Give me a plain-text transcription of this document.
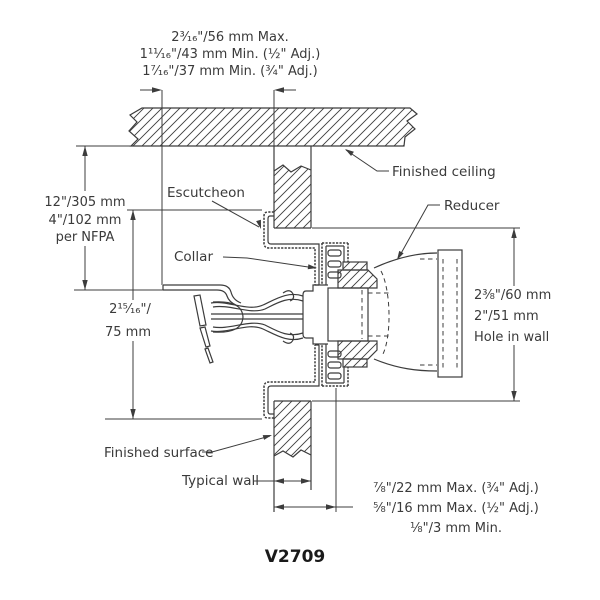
2³⁄₁₆"/56 mm Max.
1¹¹⁄₁₆"/43 mm Min. (½" Adj.)
1⁷⁄₁₆"/37 mm Min. (¾" Adj.)
12"/305 mm
4"/102 mm
per NFPA
2¹⁵⁄₁₆"/
75 mm
2⅜"/60 mm
2"/51 mm
Hole in wall
Typical wall	⅞"/22 mm Max. (¾" Adj.)
⅝"/16 mm Max. (½" Adj.)
⅛"/3 mm Min.
Finished ceiling
Escutcheon
Collar
Reducer
Finished surface
V2709
